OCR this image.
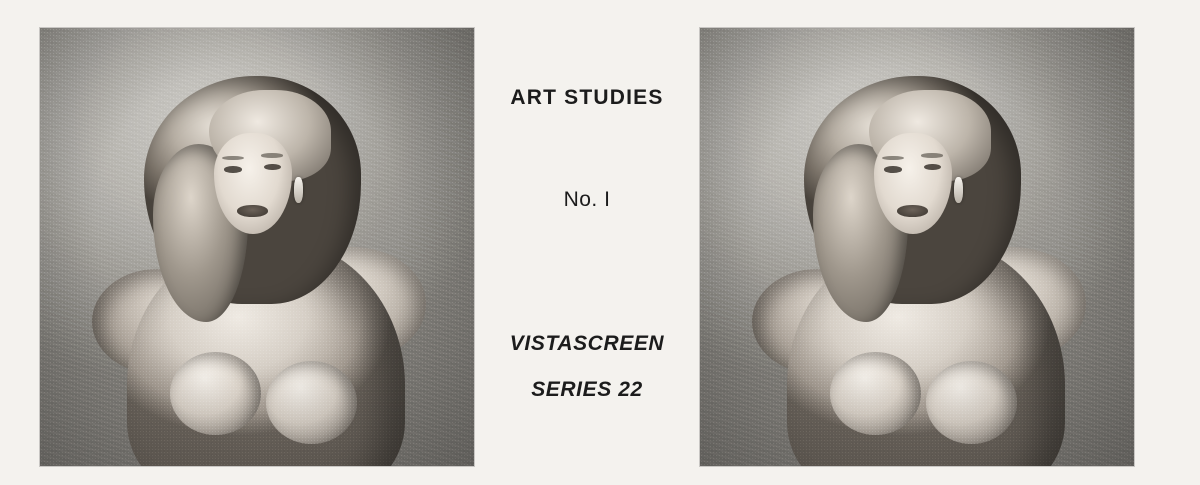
ART STUDIES
No. I
VISTASCREEN
SERIES 22
